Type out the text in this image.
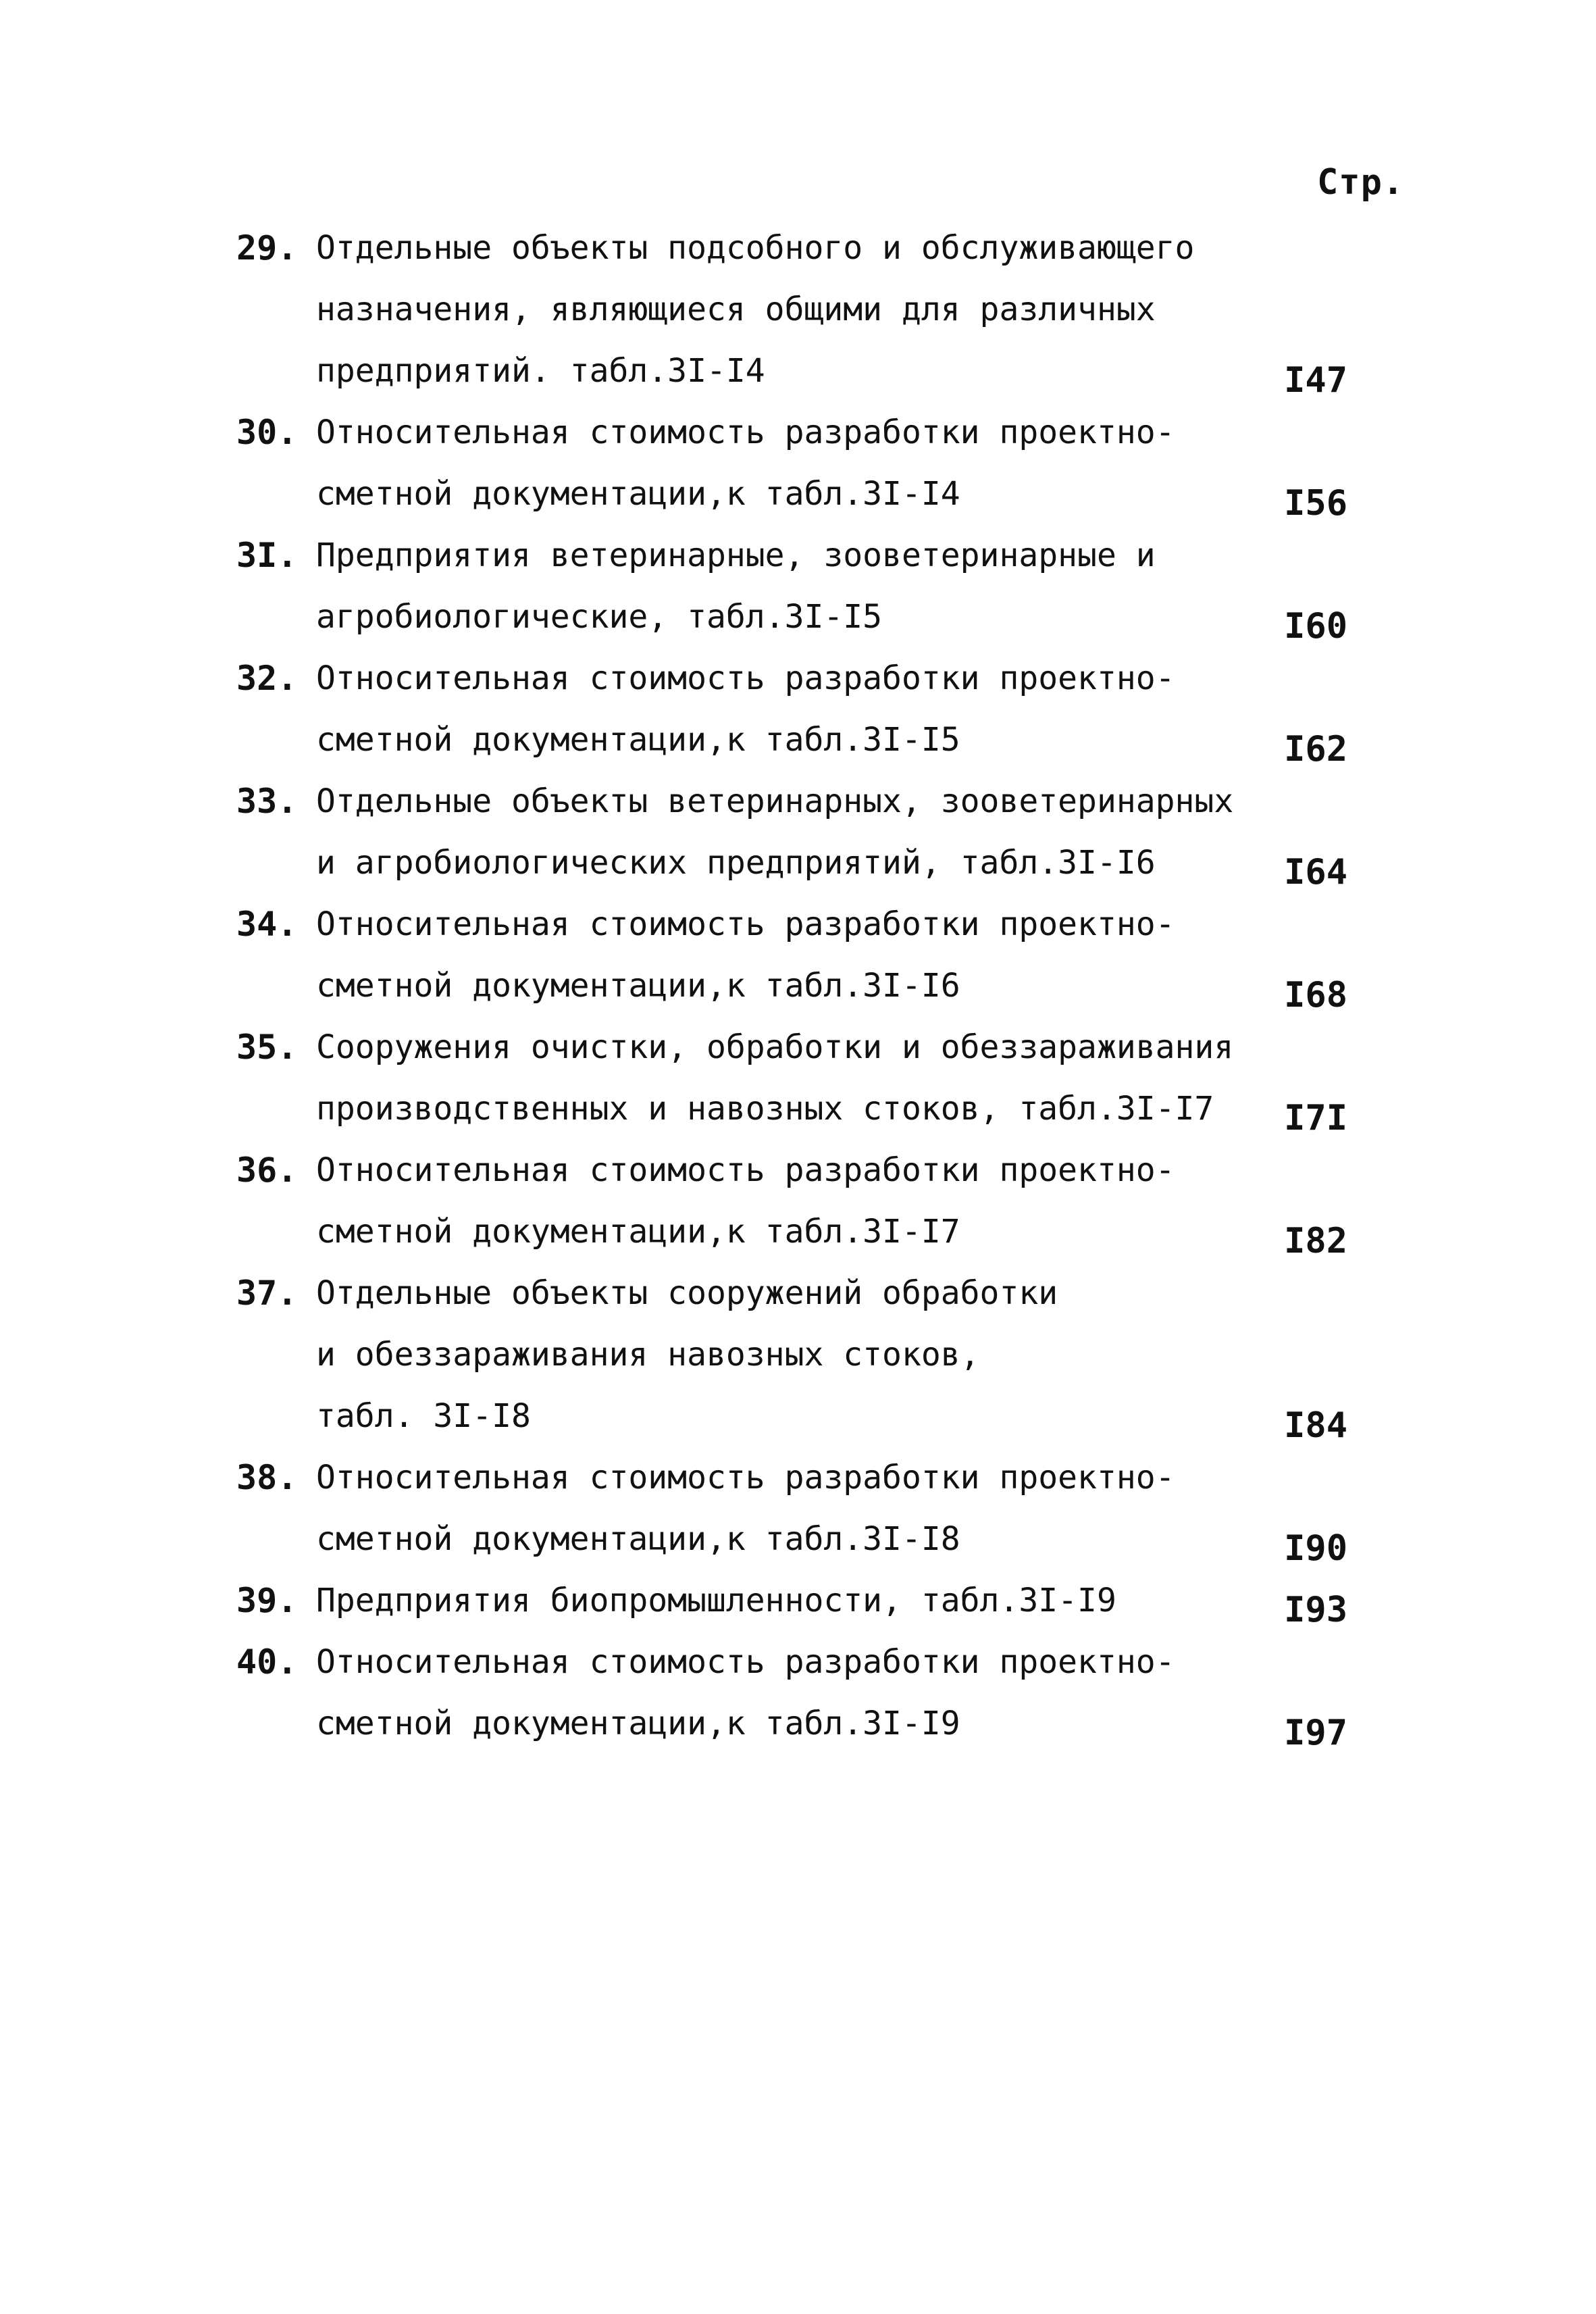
Стр.
29. Отдельные объекты подсобного и обслуживающего
назначения, являющиеся общими для различных
предприятий. табл.3I-I4	I47
30. Относительная стоимость разработки проектно-
сметной документации,к табл.3I-I4	I56
3I. Предприятия ветеринарные, зооветеринарные и
агробиологические, табл.3I-I5	I60
32. Относительная стоимость разработки проектно-
сметной документации,к табл.3I-I5	I62
33. Отдельные объекты ветеринарных, зооветеринарных
и агробиологических предприятий, табл.3I-I6	I64
34. Относительная стоимость разработки проектно-
сметной документации,к табл.3I-I6	I68
35. Сооружения очистки, обработки и обеззараживания
производственных и навозных стоков, табл.3I-I7	I7I
36. Относительная стоимость разработки проектно-
сметной документации,к табл.3I-I7	I82
37. Отдельные объекты сооружений обработки
и обеззараживания навозных стоков,
табл. 3I-I8	I84
38. Относительная стоимость разработки проектно-
сметной документации,к табл.3I-I8	I90
39. Предприятия биопромышленности, табл.3I-I9	I93
40. Относительная стоимость разработки проектно-
сметной документации,к табл.3I-I9	I97
